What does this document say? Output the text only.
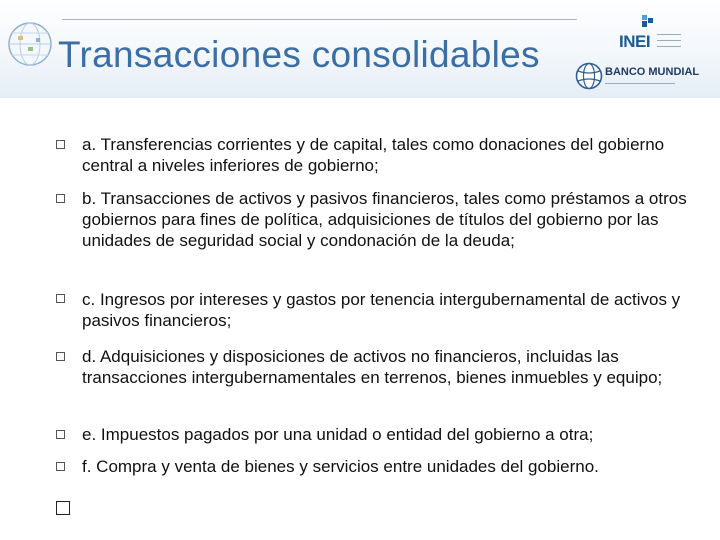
Transacciones consolidables	INEI
BANCO MUNDIAL
a. Transferencias corrientes y de capital, tales como donaciones del gobierno central a niveles inferiores de gobierno;
b. Transacciones de activos y pasivos financieros, tales como préstamos a otros gobiernos para fines de política, adquisiciones de títulos del gobierno por las unidades de seguridad social y condonación de la deuda;
c. Ingresos por intereses y gastos por tenencia intergubernamental de activos y pasivos financieros;
d. Adquisiciones y disposiciones de activos no financieros, incluidas las transacciones intergubernamentales en terrenos, bienes inmuebles y equipo;
e. Impuestos pagados por una unidad o entidad del gobierno a otra;
f. Compra y venta de bienes y servicios entre unidades del gobierno.
